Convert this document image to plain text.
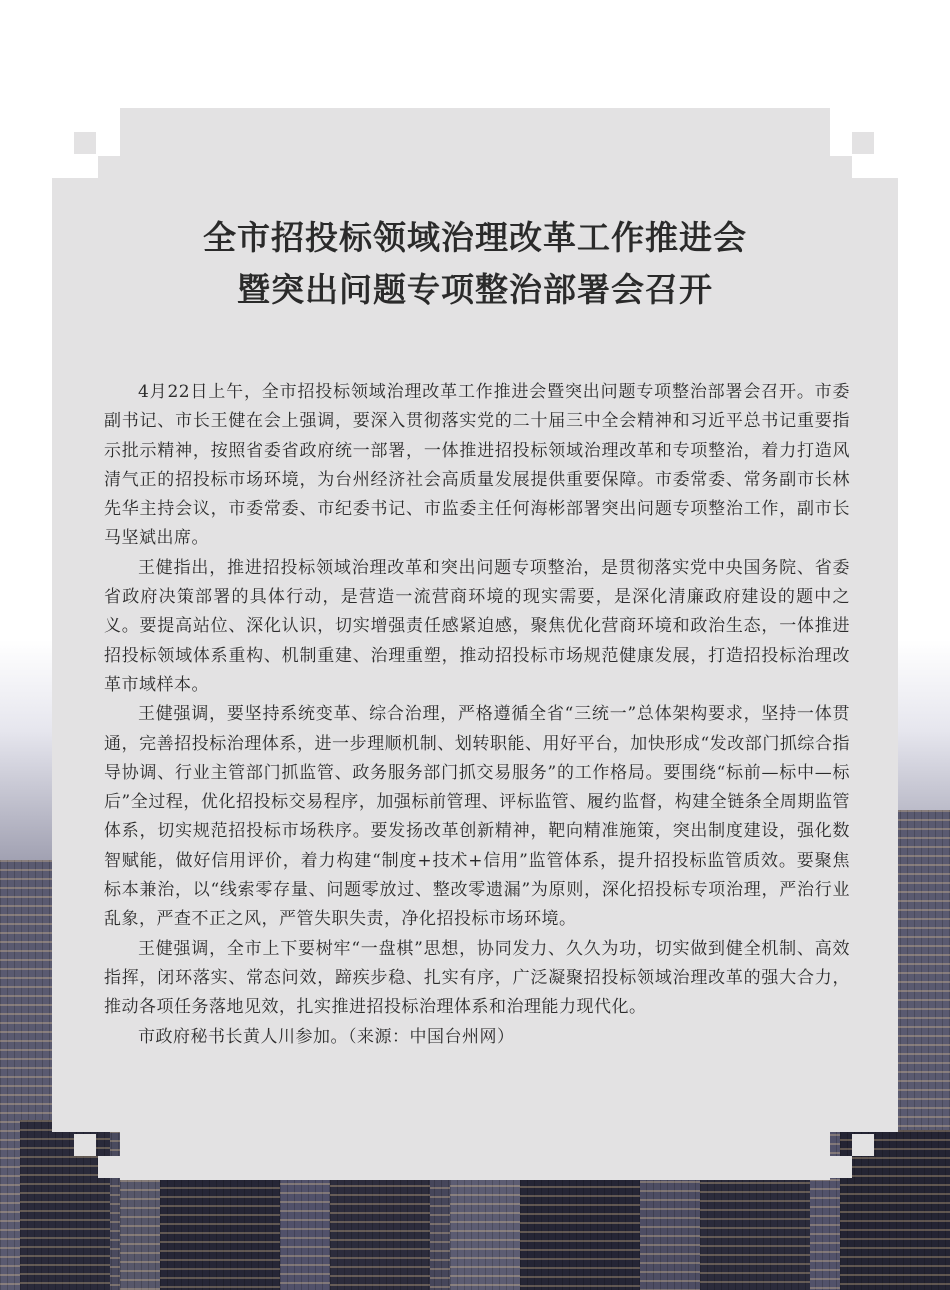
全市招投标领域治理改革工作推进会
暨突出问题专项整治部署会召开

4月22日上午，全市招投标领域治理改革工作推进会暨突出问题专项整治部署会召开。市委副书记、市长王健在会上强调，要深入贯彻落实党的二十届三中全会精神和习近平总书记重要指示批示精神，按照省委省政府统一部署，一体推进招投标领域治理改革和专项整治，着力打造风清气正的招投标市场环境，为台州经济社会高质量发展提供重要保障。市委常委、常务副市长林先华主持会议，市委常委、市纪委书记、市监委主任何海彬部署突出问题专项整治工作，副市长马坚斌出席。

王健指出，推进招投标领域治理改革和突出问题专项整治，是贯彻落实党中央国务院、省委省政府决策部署的具体行动，是营造一流营商环境的现实需要，是深化清廉政府建设的题中之义。要提高站位、深化认识，切实增强责任感紧迫感，聚焦优化营商环境和政治生态，一体推进招投标领域体系重构、机制重建、治理重塑，推动招投标市场规范健康发展，打造招投标治理改革市域样本。

王健强调，要坚持系统变革、综合治理，严格遵循全省“三统一”总体架构要求，坚持一体贯通，完善招投标治理体系，进一步理顺机制、划转职能、用好平台，加快形成“发改部门抓综合指导协调、行业主管部门抓监管、政务服务部门抓交易服务”的工作格局。要围绕“标前—标中—标后”全过程，优化招投标交易程序，加强标前管理、评标监管、履约监督，构建全链条全周期监管体系，切实规范招投标市场秩序。要发扬改革创新精神，靶向精准施策，突出制度建设，强化数智赋能，做好信用评价，着力构建“制度+技术+信用”监管体系，提升招投标监管质效。要聚焦标本兼治，以“线索零存量、问题零放过、整改零遗漏”为原则，深化招投标专项治理，严治行业乱象，严查不正之风，严管失职失责，净化招投标市场环境。

王健强调，全市上下要树牢“一盘棋”思想，协同发力、久久为功，切实做到健全机制、高效指挥，闭环落实、常态问效，蹄疾步稳、扎实有序，广泛凝聚招投标领域治理改革的强大合力，推动各项任务落地见效，扎实推进招投标治理体系和治理能力现代化。

市政府秘书长黄人川参加。（来源：中国台州网）
